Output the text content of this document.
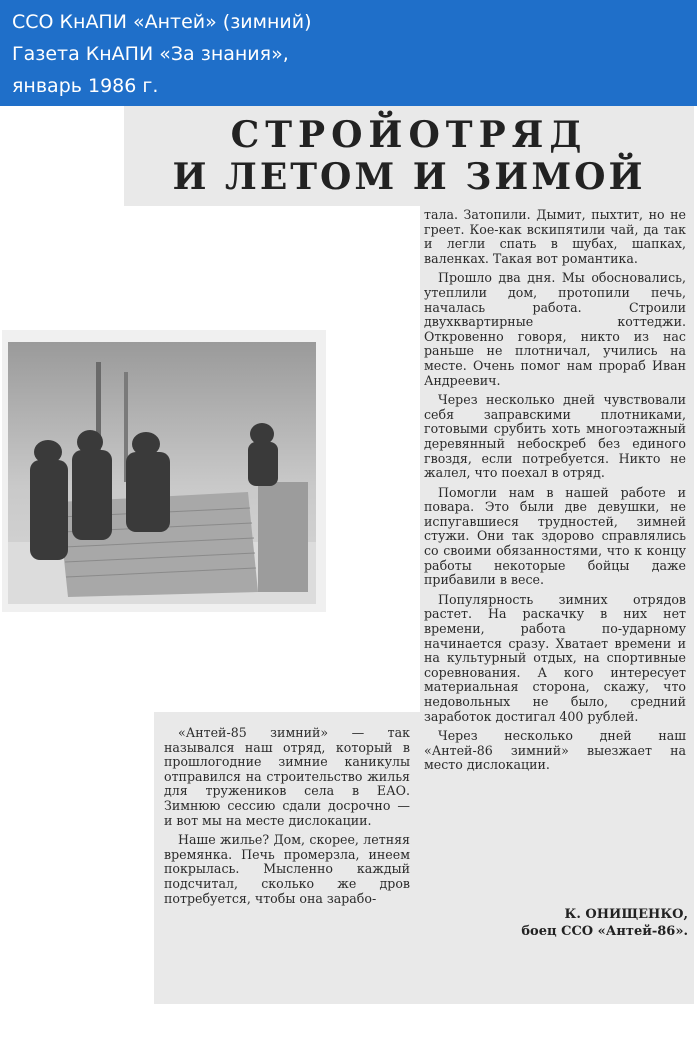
ССО КнАПИ «Антей» (зимний)
Газета КнАПИ «За знания»,
январь 1986 г.
СТРОЙОТРЯД
И ЛЕТОМ И ЗИМОЙ

тала. Затопили. Дымит, пыхтит, но не греет. Кое-как вскипятили чай, да так и легли спать в шубах, шапках, валенках. Такая вот романтика.

Прошло два дня. Мы обосновались, утеплили дом, протопили печь, началась работа. Строили двухквартирные коттеджи. Откровенно говоря, никто из нас раньше не плотничал, учились на месте. Очень помог нам прораб Иван Андреевич.

Через несколько дней чувствовали себя заправскими плотниками, готовыми срубить хоть многоэтажный деревянный небоскреб без единого гвоздя, если потребуется. Никто не жалел, что поехал в отряд.

Помогли нам в нашей работе и повара. Это были две девушки, не испугавшиеся трудностей, зимней стужи. Они так здорово справлялись со своими обязанностями, что к концу работы некоторые бойцы даже прибавили в весе.

Популярность зимних отрядов растет. На раскачку в них нет времени, работа по-ударному начинается сразу. Хватает времени и на культурный отдых, на спортивные соревнования. А кого интересует материальная сторона, скажу, что недовольных не было, средний заработок достигал 400 рублей.

Через несколько дней наш «Антей-86 зимний» выезжает на место дислокации.

«Антей-85 зимний» — так назывался наш отряд, который в прошлогодние зимние каникулы отправился на строительство жилья для тружеников села в ЕАО. Зимнюю сессию сдали досрочно — и вот мы на месте дислокации.

Наше жилье? Дом, скорее, летняя времянка. Печь промерзла, инеем покрылась. Мысленно каждый подсчитал, сколько же дров потребуется, чтобы она зарабо-

К. ОНИЩЕНКО,
боец ССО «Антей-86».
